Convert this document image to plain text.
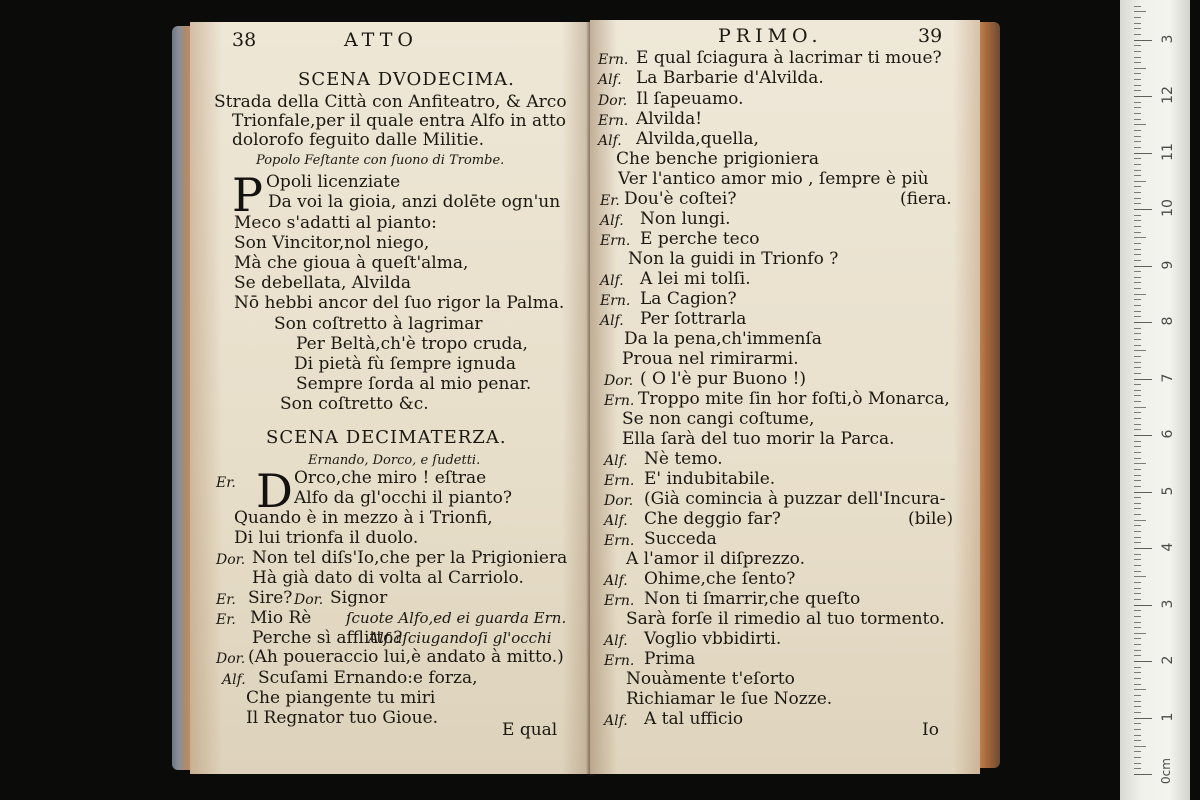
38	ATTO
SCENA DVODECIMA.
Strada della Città con Anfiteatro, & Arco
Trionfale,per il quale entra Alfo in atto
dolorofo feguito dalle Militie.
Popolo Feſtante con ſuono di Trombe.
P Opoli licenziate
Da voi la gioia, anzi dolēte ogn'un
Meco s'adatti al pianto:
Son Vincitor,nol niego,
Mà che gioua à queſt'alma,
Se debellata, Alvilda
Nō hebbi ancor del ſuo rigor la Palma.
Son coſtretto à lagrimar
Per Beltà,ch'è tropo cruda,
Di pietà fù ſempre ignuda
Sempre ſorda al mio penar.
Son coſtretto &c.
SCENA DECIMATERZA.
Ernando, Dorco, e ſudetti.
Er. D Orco,che miro ! eſtrae
Alfo da gl'occhi il pianto?
Quando è in mezzo à i Trionfi,
Di lui trionfa il duolo.
Dor. Non tel diſs'Io,che per la Prigioniera
Hà già dato di volta al Carriolo.
Er. Sire? Dor. Signor
Er. Mio Rè ſcuote Alfo,ed ei guarda Ern.
Perche sì afflitto?
Alf.aſciugandoſi gl'occhi
Dor. (Ah poueraccio lui,è andato à mitto.)
Alf. Scuſami Ernando:e forza,
Che piangente tu miri
Il Regnator tuo Gioue.
E qual
PRIMO.	39
Ern. E qual ſciagura à lacrimar ti moue?
Alf. La Barbarie d'Alvilda.
Dor. Il ſapeuamo.
Ern. Alvilda!
Alf. Alvilda,quella,
Che benche prigioniera
Ver l'antico amor mio , ſempre è più
Er. Dou'è coſtei?	(fiera.
Alf. Non lungi.
Ern. E perche teco
Non la guidi in Trionfo ?
Alf. A lei mi tolſi.
Ern. La Cagion?
Alf. Per ſottrarla
Da la pena,ch'immenſa
Proua nel rimirarmi.
Dor. ( O l'è pur Buono !)
Ern. Troppo mite ſin hor foſti,ò Monarca,
Se non cangi coſtume,
Ella ſarà del tuo morir la Parca.
Alf. Nè temo.
Ern. E' indubitabile.
Dor. (Già comincia à puzzar dell'Incura-
Alf. Che deggio far?	(bile)
Ern. Succeda
A l'amor il diſprezzo.
Alf. Ohime,che ſento?
Ern. Non ti ſmarrir,che queſto
Sarà forſe il rimedio al tuo tormento.
Alf. Voglio vbbidirti.
Ern. Prima
Nouàmente t'eſorto
Richiamar le ſue Nozze.
Alf. A tal ufficio
Io
3
12
11
10
9
8
7
6
5
4
3
2
1
0cm
